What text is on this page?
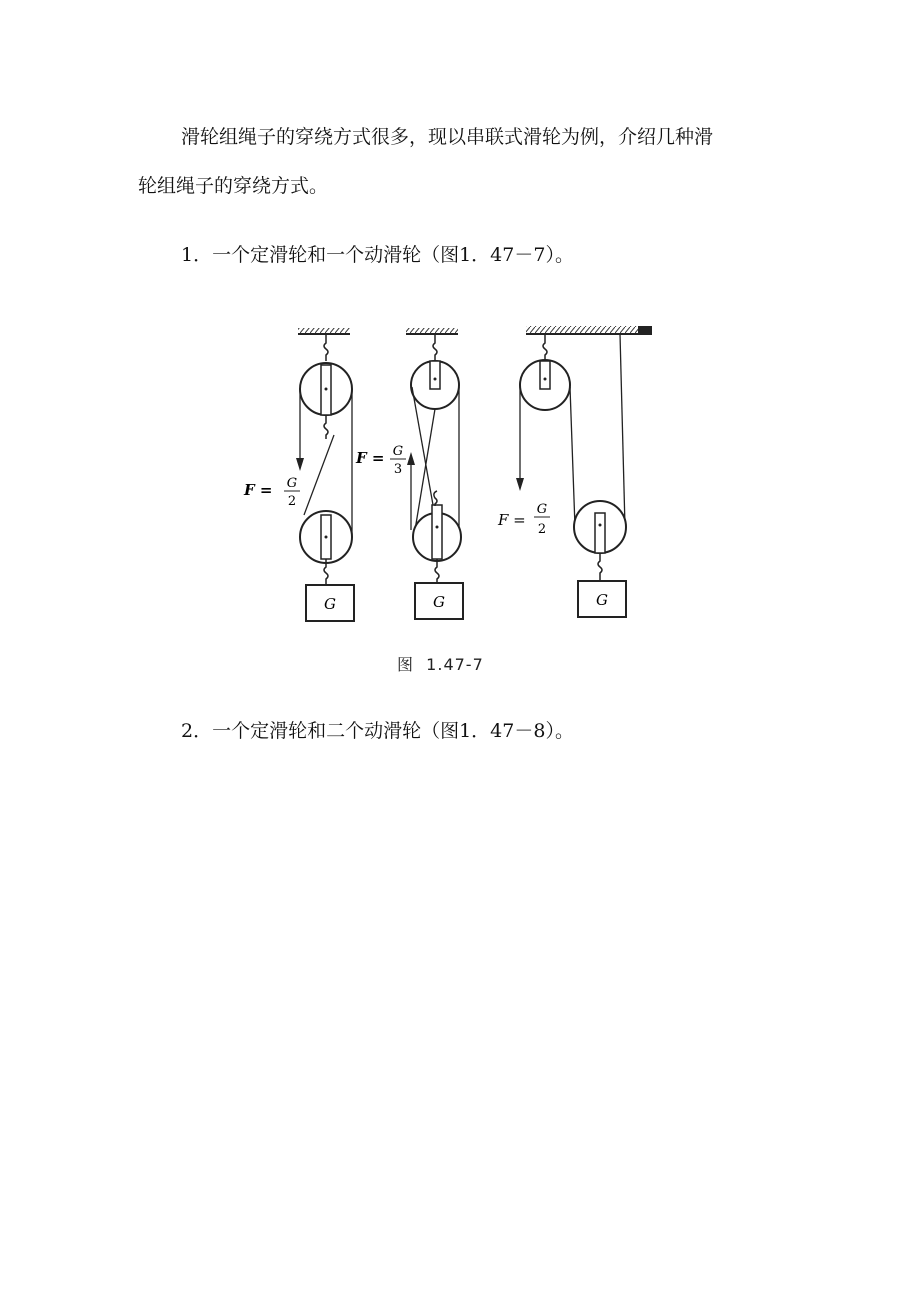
滑轮组绳子的穿绕方式很多，现以串联式滑轮为例，介绍几种滑

轮组绳子的穿绕方式。

1．一个定滑轮和一个动滑轮（图1．47－7）。

G
F = G
2
G
F = G
3
G
F =
G
2
图  1.47-7

2．一个定滑轮和二个动滑轮（图1．47－8）。
